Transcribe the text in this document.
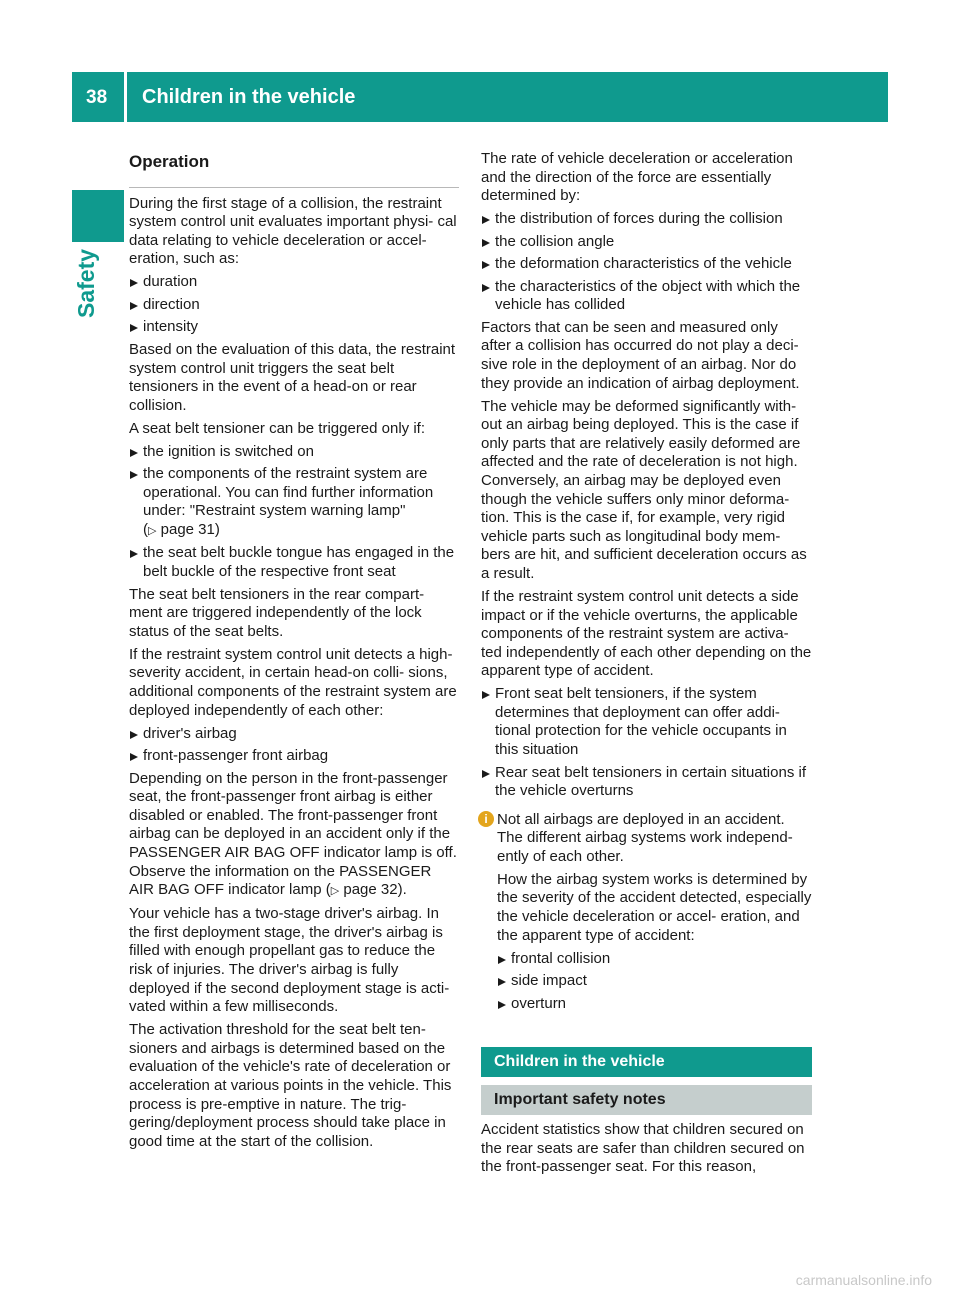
38 Children in the vehicle
Safety
Operation

During the first stage of a collision, the restraint system control unit evaluates important physi- cal data relating to vehicle deceleration or accel- eration, such as:

duration
direction
intensity

Based on the evaluation of this data, the restraint system control unit triggers the seat belt tensioners in the event of a head-on or rear collision.

A seat belt tensioner can be triggered only if:

the ignition is switched on
the components of the restraint system are operational. You can find further information under: "Restraint system warning lamp"
(▷ page 31)
the seat belt buckle tongue has engaged in the belt buckle of the respective front seat

The seat belt tensioners in the rear compart- ment are triggered independently of the lock status of the seat belts.

If the restraint system control unit detects a high-severity accident, in certain head-on colli- sions, additional components of the restraint system are deployed independently of each other:

driver's airbag
front-passenger front airbag

Depending on the person in the front-passenger seat, the front-passenger front airbag is either disabled or enabled. The front-passenger front airbag can be deployed in an accident only if the PASSENGER AIR BAG OFF indicator lamp is off. Observe the information on the PASSENGER AIR BAG OFF indicator lamp (▷ page 32).

Your vehicle has a two-stage driver's airbag. In the first deployment stage, the driver's airbag is filled with enough propellant gas to reduce the risk of injuries. The driver's airbag is fully deployed if the second deployment stage is acti- vated within a few milliseconds.

The activation threshold for the seat belt ten- sioners and airbags is determined based on the evaluation of the vehicle's rate of deceleration or acceleration at various points in the vehicle. This process is pre-emptive in nature. The trig- gering/deployment process should take place in good time at the start of the collision.

The rate of vehicle deceleration or acceleration and the direction of the force are essentially determined by:

the distribution of forces during the collision
the collision angle
the deformation characteristics of the vehicle
the characteristics of the object with which the vehicle has collided

Factors that can be seen and measured only after a collision has occurred do not play a deci- sive role in the deployment of an airbag. Nor do they provide an indication of airbag deployment.

The vehicle may be deformed significantly with- out an airbag being deployed. This is the case if only parts that are relatively easily deformed are affected and the rate of deceleration is not high. Conversely, an airbag may be deployed even though the vehicle suffers only minor deforma- tion. This is the case if, for example, very rigid vehicle parts such as longitudinal body mem- bers are hit, and sufficient deceleration occurs as a result.

If the restraint system control unit detects a side impact or if the vehicle overturns, the applicable components of the restraint system are activa- ted independently of each other depending on the apparent type of accident.

Front seat belt tensioners, if the system determines that deployment can offer addi- tional protection for the vehicle occupants in this situation
Rear seat belt tensioners in certain situations if the vehicle overturns
i Not all airbags are deployed in an accident. The different airbag systems work independ- ently of each other.

How the airbag system works is determined by the severity of the accident detected, especially the vehicle deceleration or accel- eration, and the apparent type of accident:

frontal collision
side impact
overturn
Children in the vehicle
Important safety notes

Accident statistics show that children secured on the rear seats are safer than children secured on the front-passenger seat. For this reason,

carmanualsonline.info
